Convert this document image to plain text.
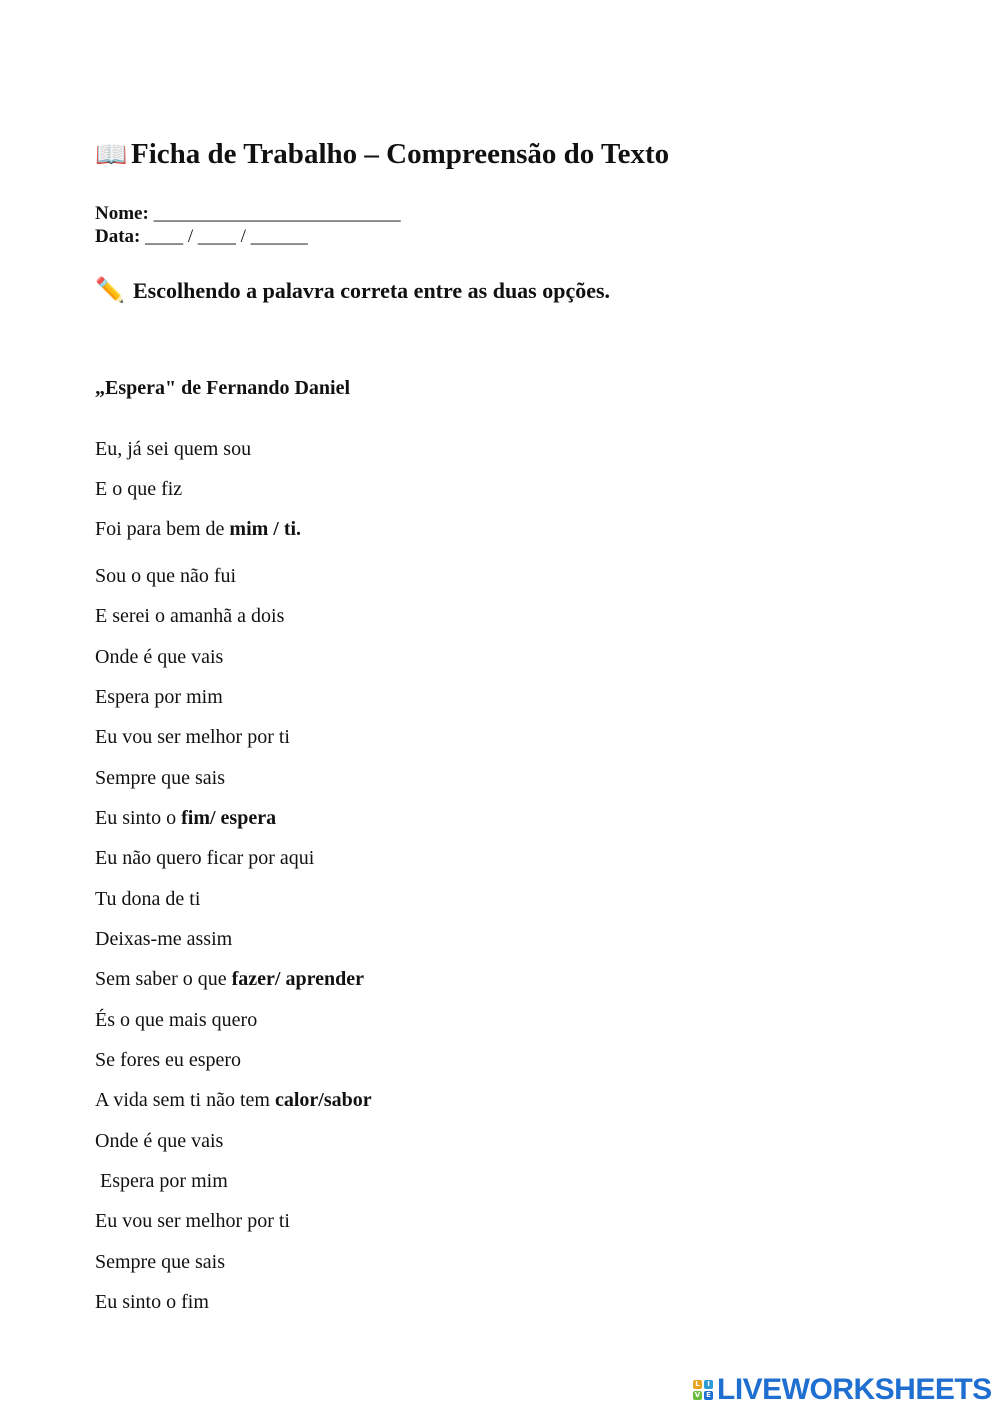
📖 Ficha de Trabalho – Compreensão do Texto
Nome: __________________________
Data: ____ / ____ / ______

✏️ Escolhendo a palavra correta entre as duas opções.

„Espera" de Fernando Daniel

Eu, já sei quem sou

E o que fiz

Foi para bem de mim / ti.

Sou o que não fui

E serei o amanhã a dois

Onde é que vais

Espera por mim

Eu vou ser melhor por ti

Sempre que sais

Eu sinto o fim/ espera

Eu não quero ficar por aqui

Tu dona de ti

Deixas-me assim

Sem saber o que fazer/ aprender

És o que mais quero

Se fores eu espero

A vida sem ti não tem calor/sabor

Onde é que vais

Espera por mim

Eu vou ser melhor por ti

Sempre que sais

Eu sinto o fim

L	I
V E LIVEWORKSHEETS
